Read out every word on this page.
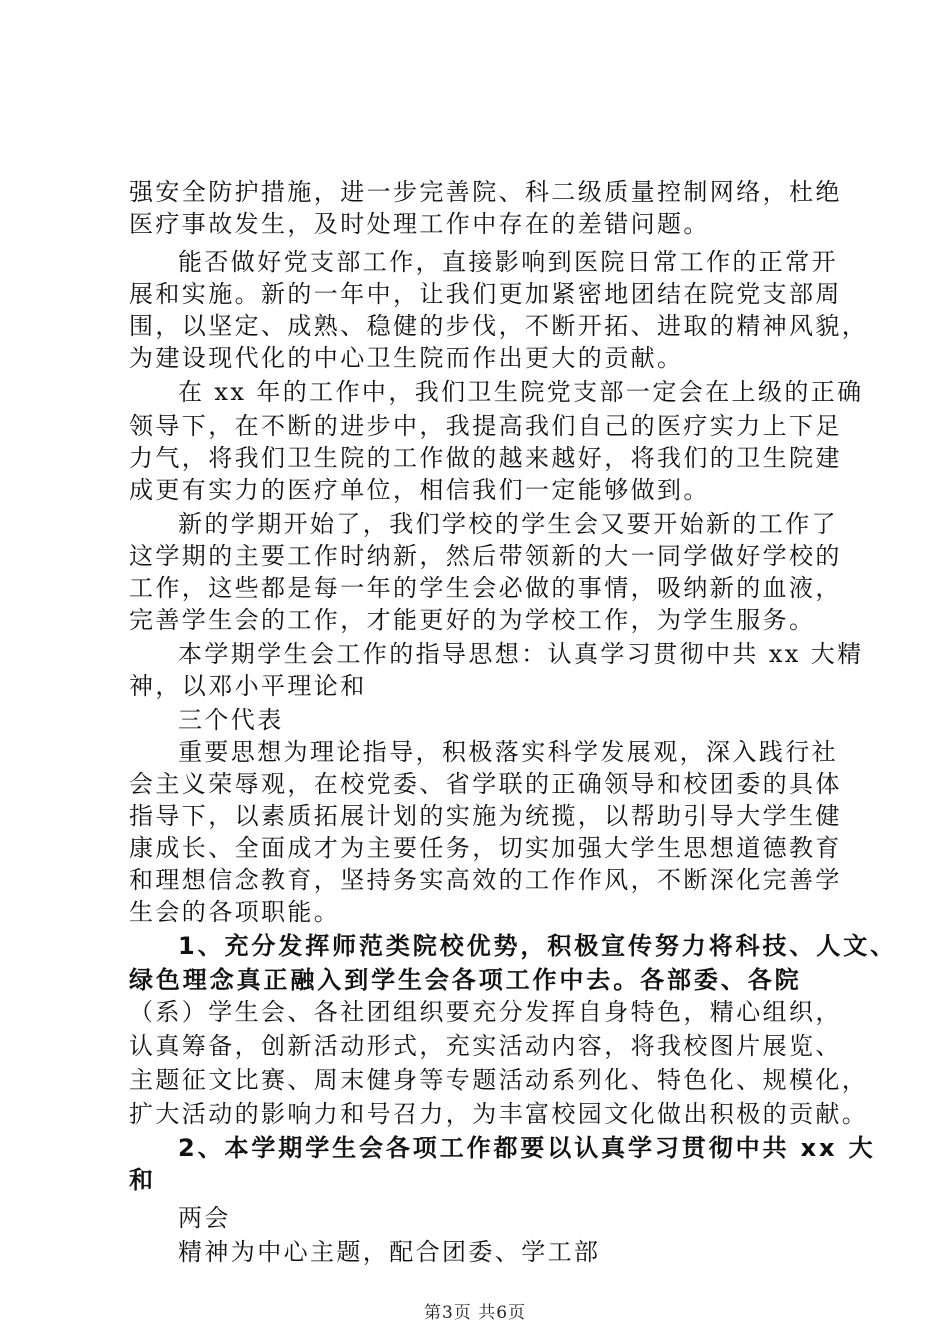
强安全防护措施，进一步完善院、科二级质量控制网络，杜绝
医疗事故发生，及时处理工作中存在的差错问题。
能否做好党支部工作，直接影响到医院日常工作的正常开
展和实施。新的一年中，让我们更加紧密地团结在院党支部周
围，以坚定、成熟、稳健的步伐，不断开拓、进取的精神风貌，
为建设现代化的中心卫生院而作出更大的贡献。
在 xx 年的工作中，我们卫生院党支部一定会在上级的正确
领导下，在不断的进步中，我提高我们自己的医疗实力上下足
力气，将我们卫生院的工作做的越来越好，将我们的卫生院建
成更有实力的医疗单位，相信我们一定能够做到。
新的学期开始了，我们学校的学生会又要开始新的工作了
这学期的主要工作时纳新，然后带领新的大一同学做好学校的
工作，这些都是每一年的学生会必做的事情，吸纳新的血液，
完善学生会的工作，才能更好的为学校工作，为学生服务。
本学期学生会工作的指导思想：认真学习贯彻中共 xx 大精
神，以邓小平理论和
三个代表
重要思想为理论指导，积极落实科学发展观，深入践行社
会主义荣辱观，在校党委、省学联的正确领导和校团委的具体
指导下，以素质拓展计划的实施为统揽，以帮助引导大学生健
康成长、全面成才为主要任务，切实加强大学生思想道德教育
和理想信念教育，坚持务实高效的工作作风，不断深化完善学
生会的各项职能。
1、充分发挥师范类院校优势，积极宣传努力将科技、人文、
绿色理念真正融入到学生会各项工作中去。各部委、各院
（系）学生会、各社团组织要充分发挥自身特色，精心组织，
认真筹备，创新活动形式，充实活动内容，将我校图片展览、
主题征文比赛、周末健身等专题活动系列化、特色化、规模化，
扩大活动的影响力和号召力，为丰富校园文化做出积极的贡献。
2、本学期学生会各项工作都要以认真学习贯彻中共 xx 大
和
两会
精神为中心主题，配合团委、学工部
第3页 共6页
